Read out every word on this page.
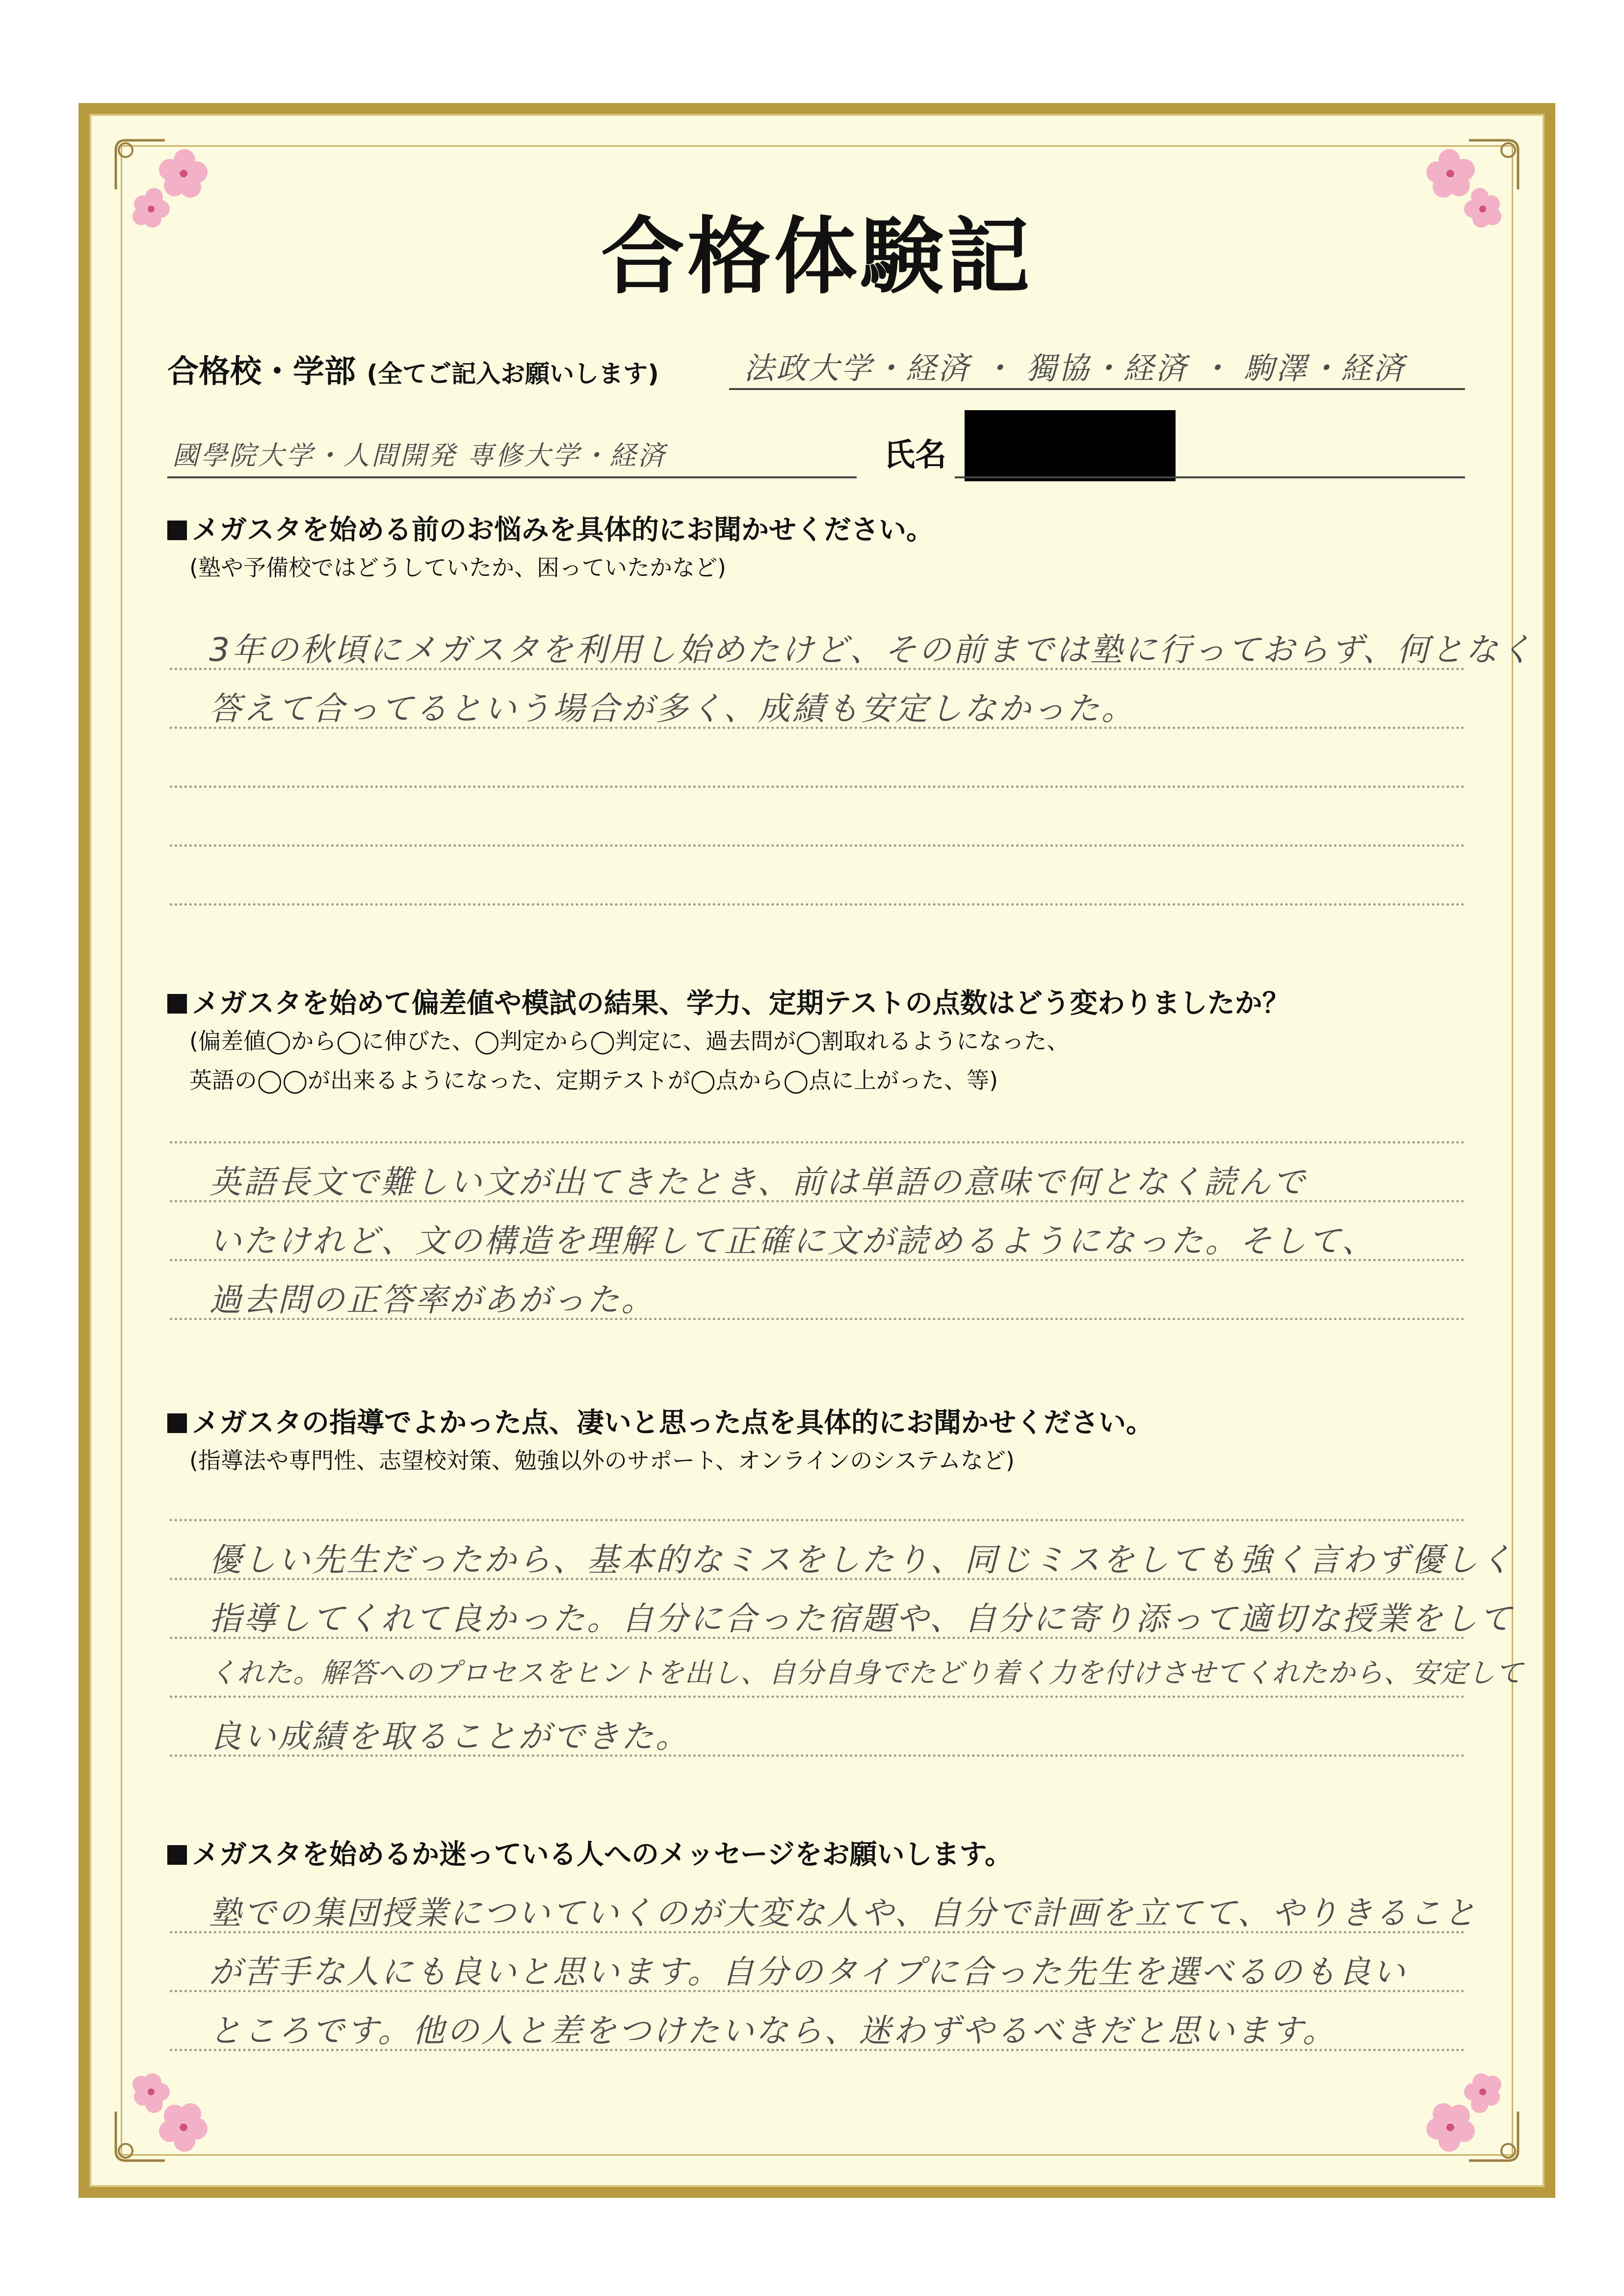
合格体験記
合格校・学部 (全てご記入お願いします)	法政大学・経済 ・ 獨協・経済 ・ 駒澤・経済
國學院大学・人間開発 専修大学・経済	氏名
メガスタを始める前のお悩みを具体的にお聞かせください。
(塾や予備校ではどうしていたか、困っていたかなど)
3年の秋頃にメガスタを利用し始めたけど、その前までは塾に行っておらず、何となく
答えて合ってるという場合が多く、成績も安定しなかった。
メガスタを始めて偏差値や模試の結果、学力、定期テストの点数はどう変わりましたか？
(偏差値◯から◯に伸びた、◯判定から◯判定に、過去問が◯割取れるようになった、
英語の◯◯が出来るようになった、定期テストが◯点から◯点に上がった、等)
英語長文で難しい文が出てきたとき、前は単語の意味で何となく読んで
いたけれど、文の構造を理解して正確に文が読めるようになった。そして、
過去問の正答率があがった。
メガスタの指導でよかった点、凄いと思った点を具体的にお聞かせください。
(指導法や専門性、志望校対策、勉強以外のサポート、オンラインのシステムなど)
優しい先生だったから、基本的なミスをしたり、同じミスをしても強く言わず優しく
指導してくれて良かった。自分に合った宿題や、自分に寄り添って適切な授業をして
くれた。解答へのプロセスをヒントを出し、自分自身でたどり着く力を付けさせてくれたから、安定して
良い成績を取ることができた。
メガスタを始めるか迷っている人へのメッセージをお願いします。
塾での集団授業についていくのが大変な人や、自分で計画を立てて、やりきること
が苦手な人にも良いと思います。自分のタイプに合った先生を選べるのも良い
ところです。他の人と差をつけたいなら、迷わずやるべきだと思います。
